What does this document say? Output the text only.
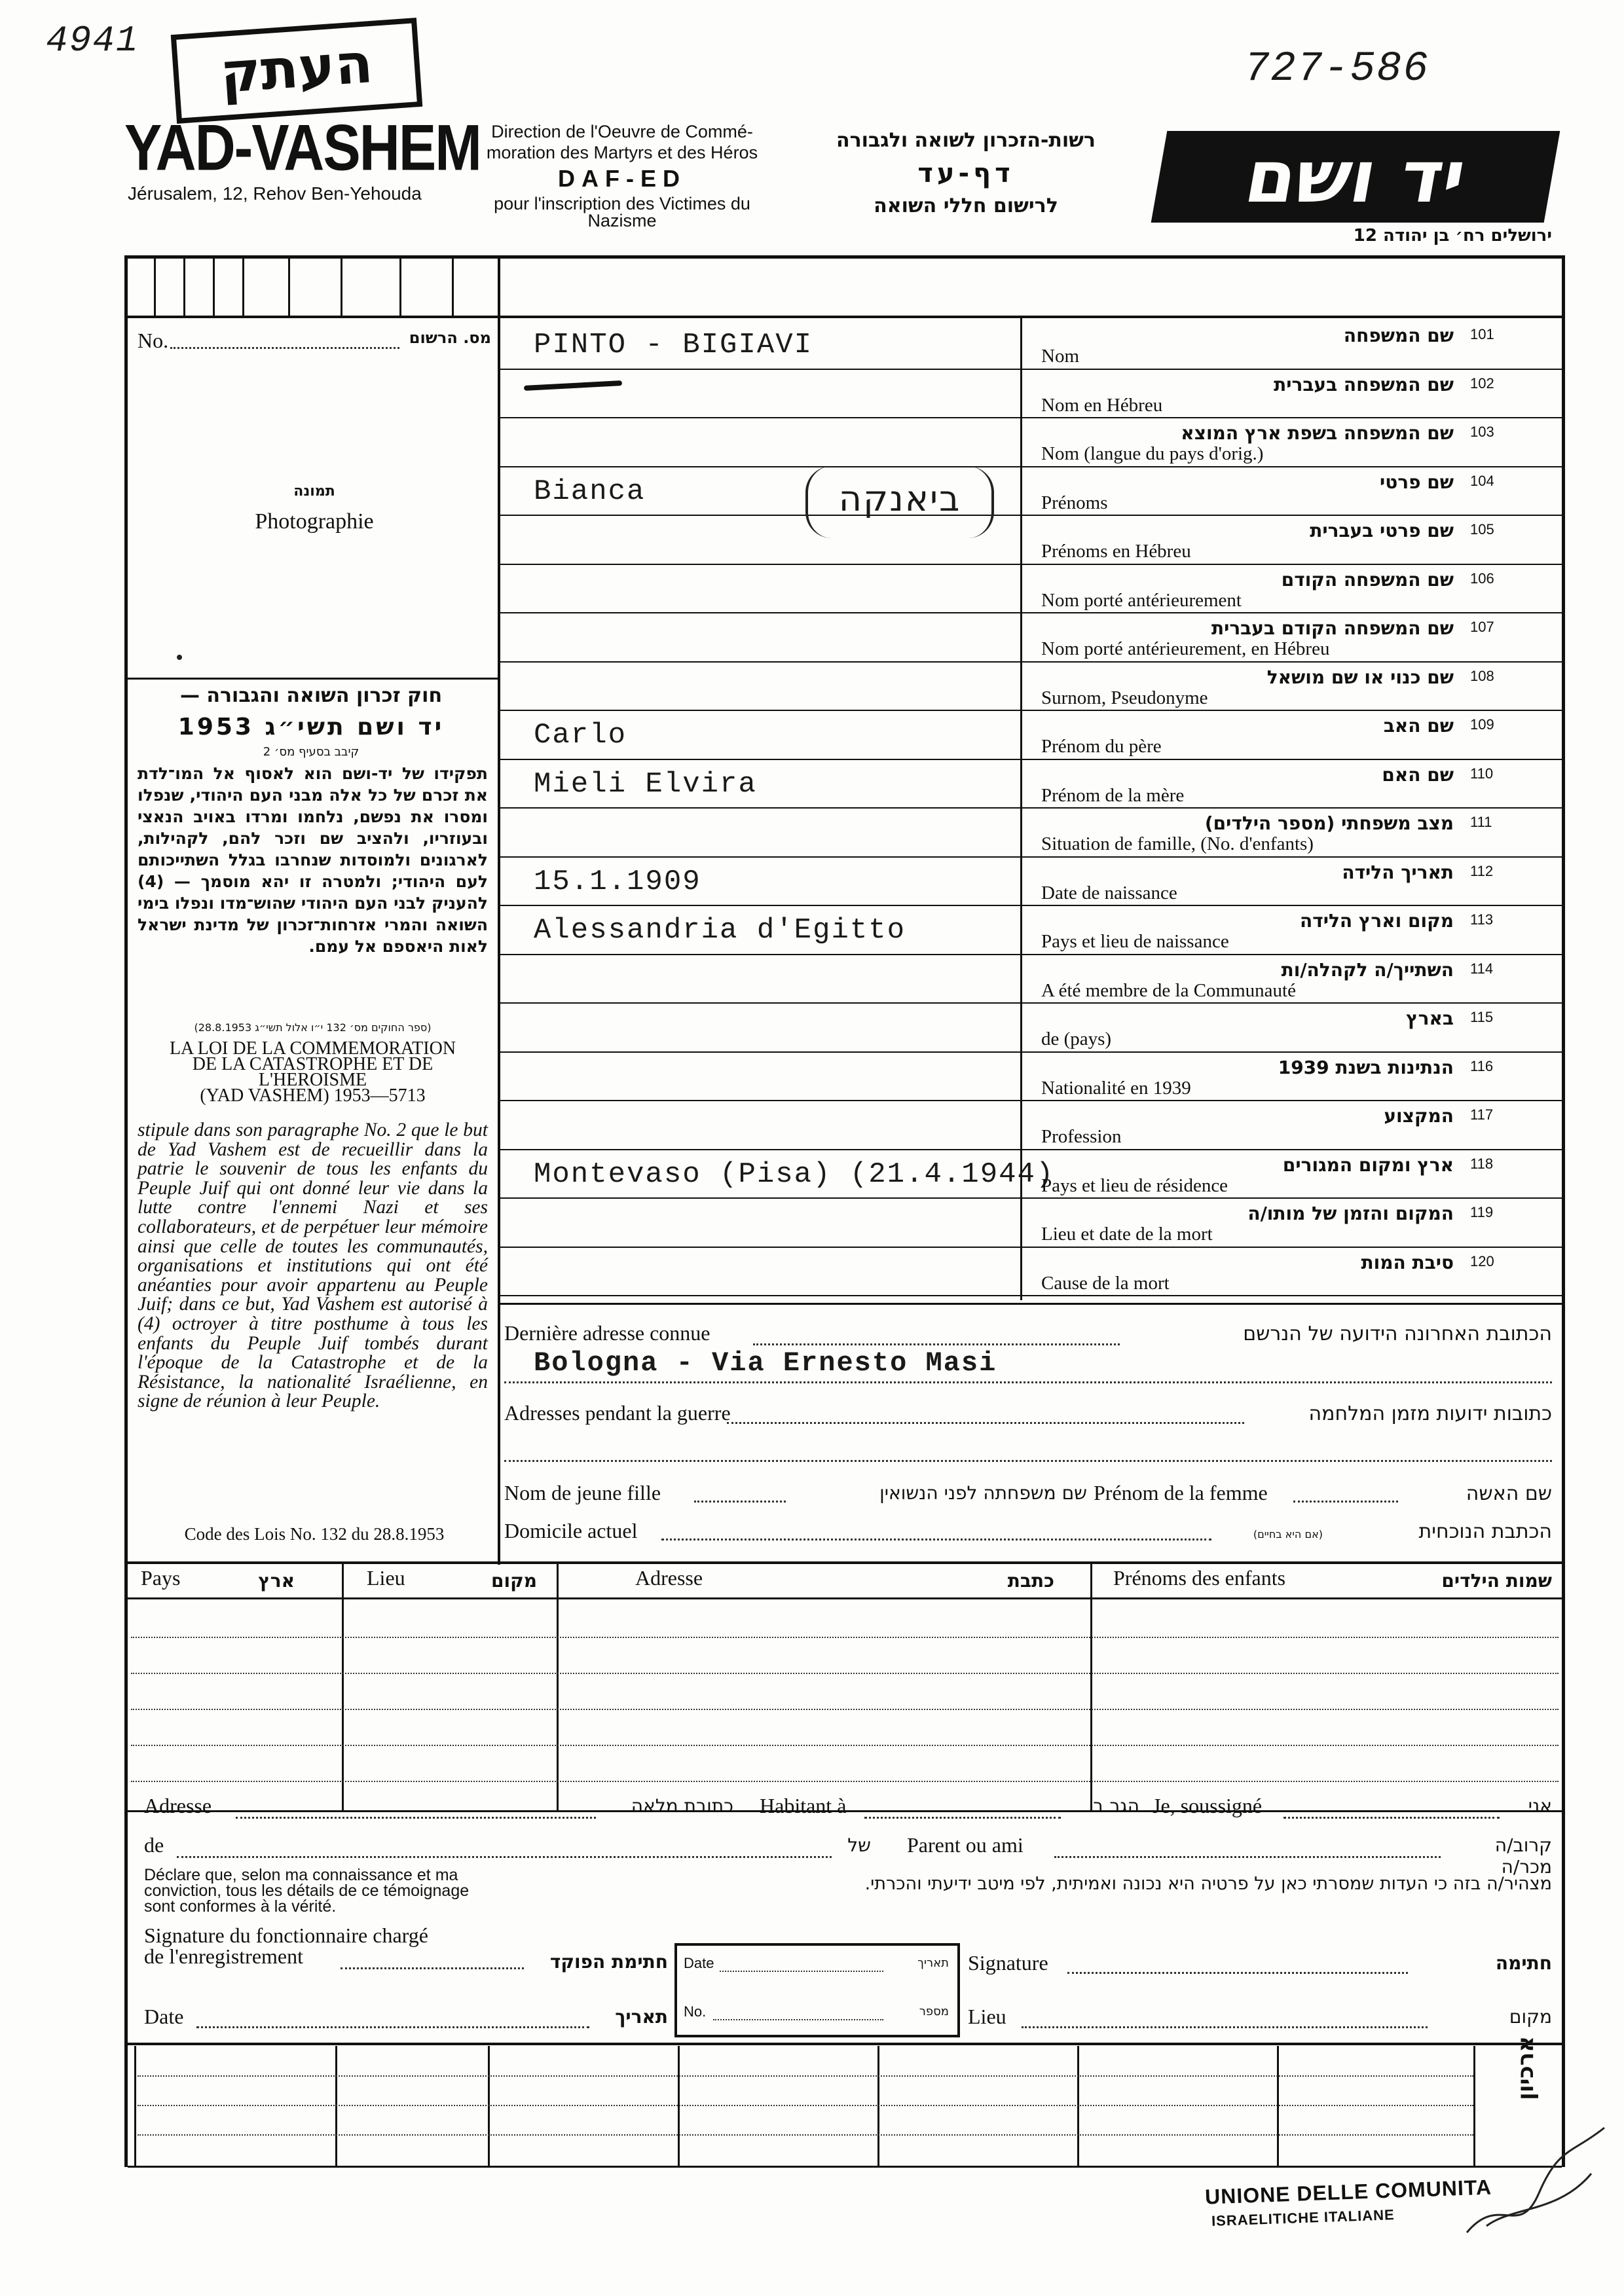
4941	העתק
YAD-VASHEM
Jérusalem, 12, Rehov Ben-Yehouda
Direction de l'Oeuvre de Commé-
moration des Martyrs et des Héros
DAF-ED
pour l'inscription des Victimes du
Nazisme
רשות-הזכרון לשואה ולגבורה
דף-עד
לרישום חללי השואה
727-586
יד ושם
ירושלים רח׳ בן יהודה 12
No.	מס. הרשום
תמונה
Photographie
חוק זכרון השואה והגבורה —
יד ושם תשי״ג 1953
קיבב בסעיף מס׳ 2
תפקידו של יד-ושם הוא לאסוף אל המו־לדת את זכרם של כל אלה מבני העם היהודי, שנפלו ומסרו את נפשם, נלחמו ומרדו באויב הנאצי ובעוזריו, ולהציב שם וזכר להם, לקהילות, לארגונים ולמוסדות שנחרבו בגלל השתייכותם לעם היהודי; ולמטרה זו יהא מוסמך — (4) להעניק לבני העם היהודי שהוש־מדו ונפלו בימי השואה והמרי אזרחות־זכרון של מדינת ישראל לאות היאספם אל עמם.
(ספר החוקים מס׳ 132 י״ו אלול תשי״ג 28.8.1953)
LA LOI DE LA COMMEMORATION
DE LA CATASTROPHE ET DE
L'HEROISME
(YAD VASHEM) 1953—5713
stipule dans son paragraphe No. 2 que le but de Yad Vashem est de recueillir dans la patrie le souvenir de tous les enfants du Peuple Juif qui ont donné leur vie dans la lutte contre l'ennemi Nazi et ses collaborateurs, et de perpétuer leur mémoire ainsi que celle de toutes les communautés, organisations et institutions qui ont été anéanties pour avoir appartenu au Peuple Juif; dans ce but, Yad Vashem est autorisé à (4) octroyer à titre posthume à tous les enfants du Peuple Juif tombés durant l'époque de la Catastrophe et de la Résistance, la nationalité Israélienne, en signe de réunion à leur Peuple.
Code des Lois No. 132 du 28.8.1953
PINTO - BIGIAVI	שם המשפחה 101
Nom
שם המשפחה בעברית 102
Nom en Hébreu
שם המשפחה בשפת ארץ המוצא 103
Nom (langue du pays d'orig.)
Bianca	שם פרטי 104
Prénoms
שם פרטי בעברית 105
Prénoms en Hébreu
שם המשפחה הקודם 106
Nom porté antérieurement
שם המשפחה הקודם בעברית 107
Nom porté antérieurement, en Hébreu
שם כנוי או שם מושאל 108
Surnom, Pseudonyme
Carlo	שם האב 109
Prénom du père
Mieli Elvira	שם האם 110
Prénom de la mère
מצב משפחתי (מספר הילדים) 111
Situation de famille, (No. d'enfants)
15.1.1909	תאריך הלידה 112
Date de naissance
Alessandria d'Egitto	מקום וארץ הלידה 113
Pays et lieu de naissance
השתייך/ה לקהלה/ות 114
A été membre de la Communauté
בארץ 115
de (pays)
הנתינות בשנת 1939 116
Nationalité en 1939
המקצוע 117
Profession
Montevaso (Pisa) (21.4.1944)	ארץ ומקום המגורים 118
Pays et lieu de résidence
המקום והזמן של מותו/ה 119
Lieu et date de la mort
סיבת המות 120
Cause de la mort
ביאנקה
Dernière adresse connue	הכתובת האחרונה הידועה של הנרשם
Bologna - Via Ernesto Masi
Adresses pendant la guerre	כתובות ידועות מזמן המלחמה
Nom de jeune fille	שם משפחתה לפני הנשואין Prénom de la femme	שם האשה
Domicile actuel	(אם היא בחיים)	הכתבת הנוכחית
Pays	ארץ	Lieu	מקום	Adresse	כתבת	Prénoms des enfants	שמות הילדים
Adresse	כתובת מלאה Habitant à	הגר ב Je, soussigné	אני
de	של Parent ou ami	קרוב/ה מכר/ה
Déclare que, selon ma connaissance et ma
conviction, tous les détails de ce témoignage
sont conformes à la vérité.
מצהיר/ה בזה כי העדות שמסרתי כאן על פרטיה היא נכונה ואמיתית, לפי מיטב ידיעתי והכרתי.
Signature du fonctionnaire chargé
de l'enregistrement	חתימת הפוקד Date	תאריך
No.	מספר
Signature	חתימה
Date	תאריך	Lieu	מקום
ארכיון
UNIONE DELLE COMUNITA
ISRAELITICHE ITALIANE
